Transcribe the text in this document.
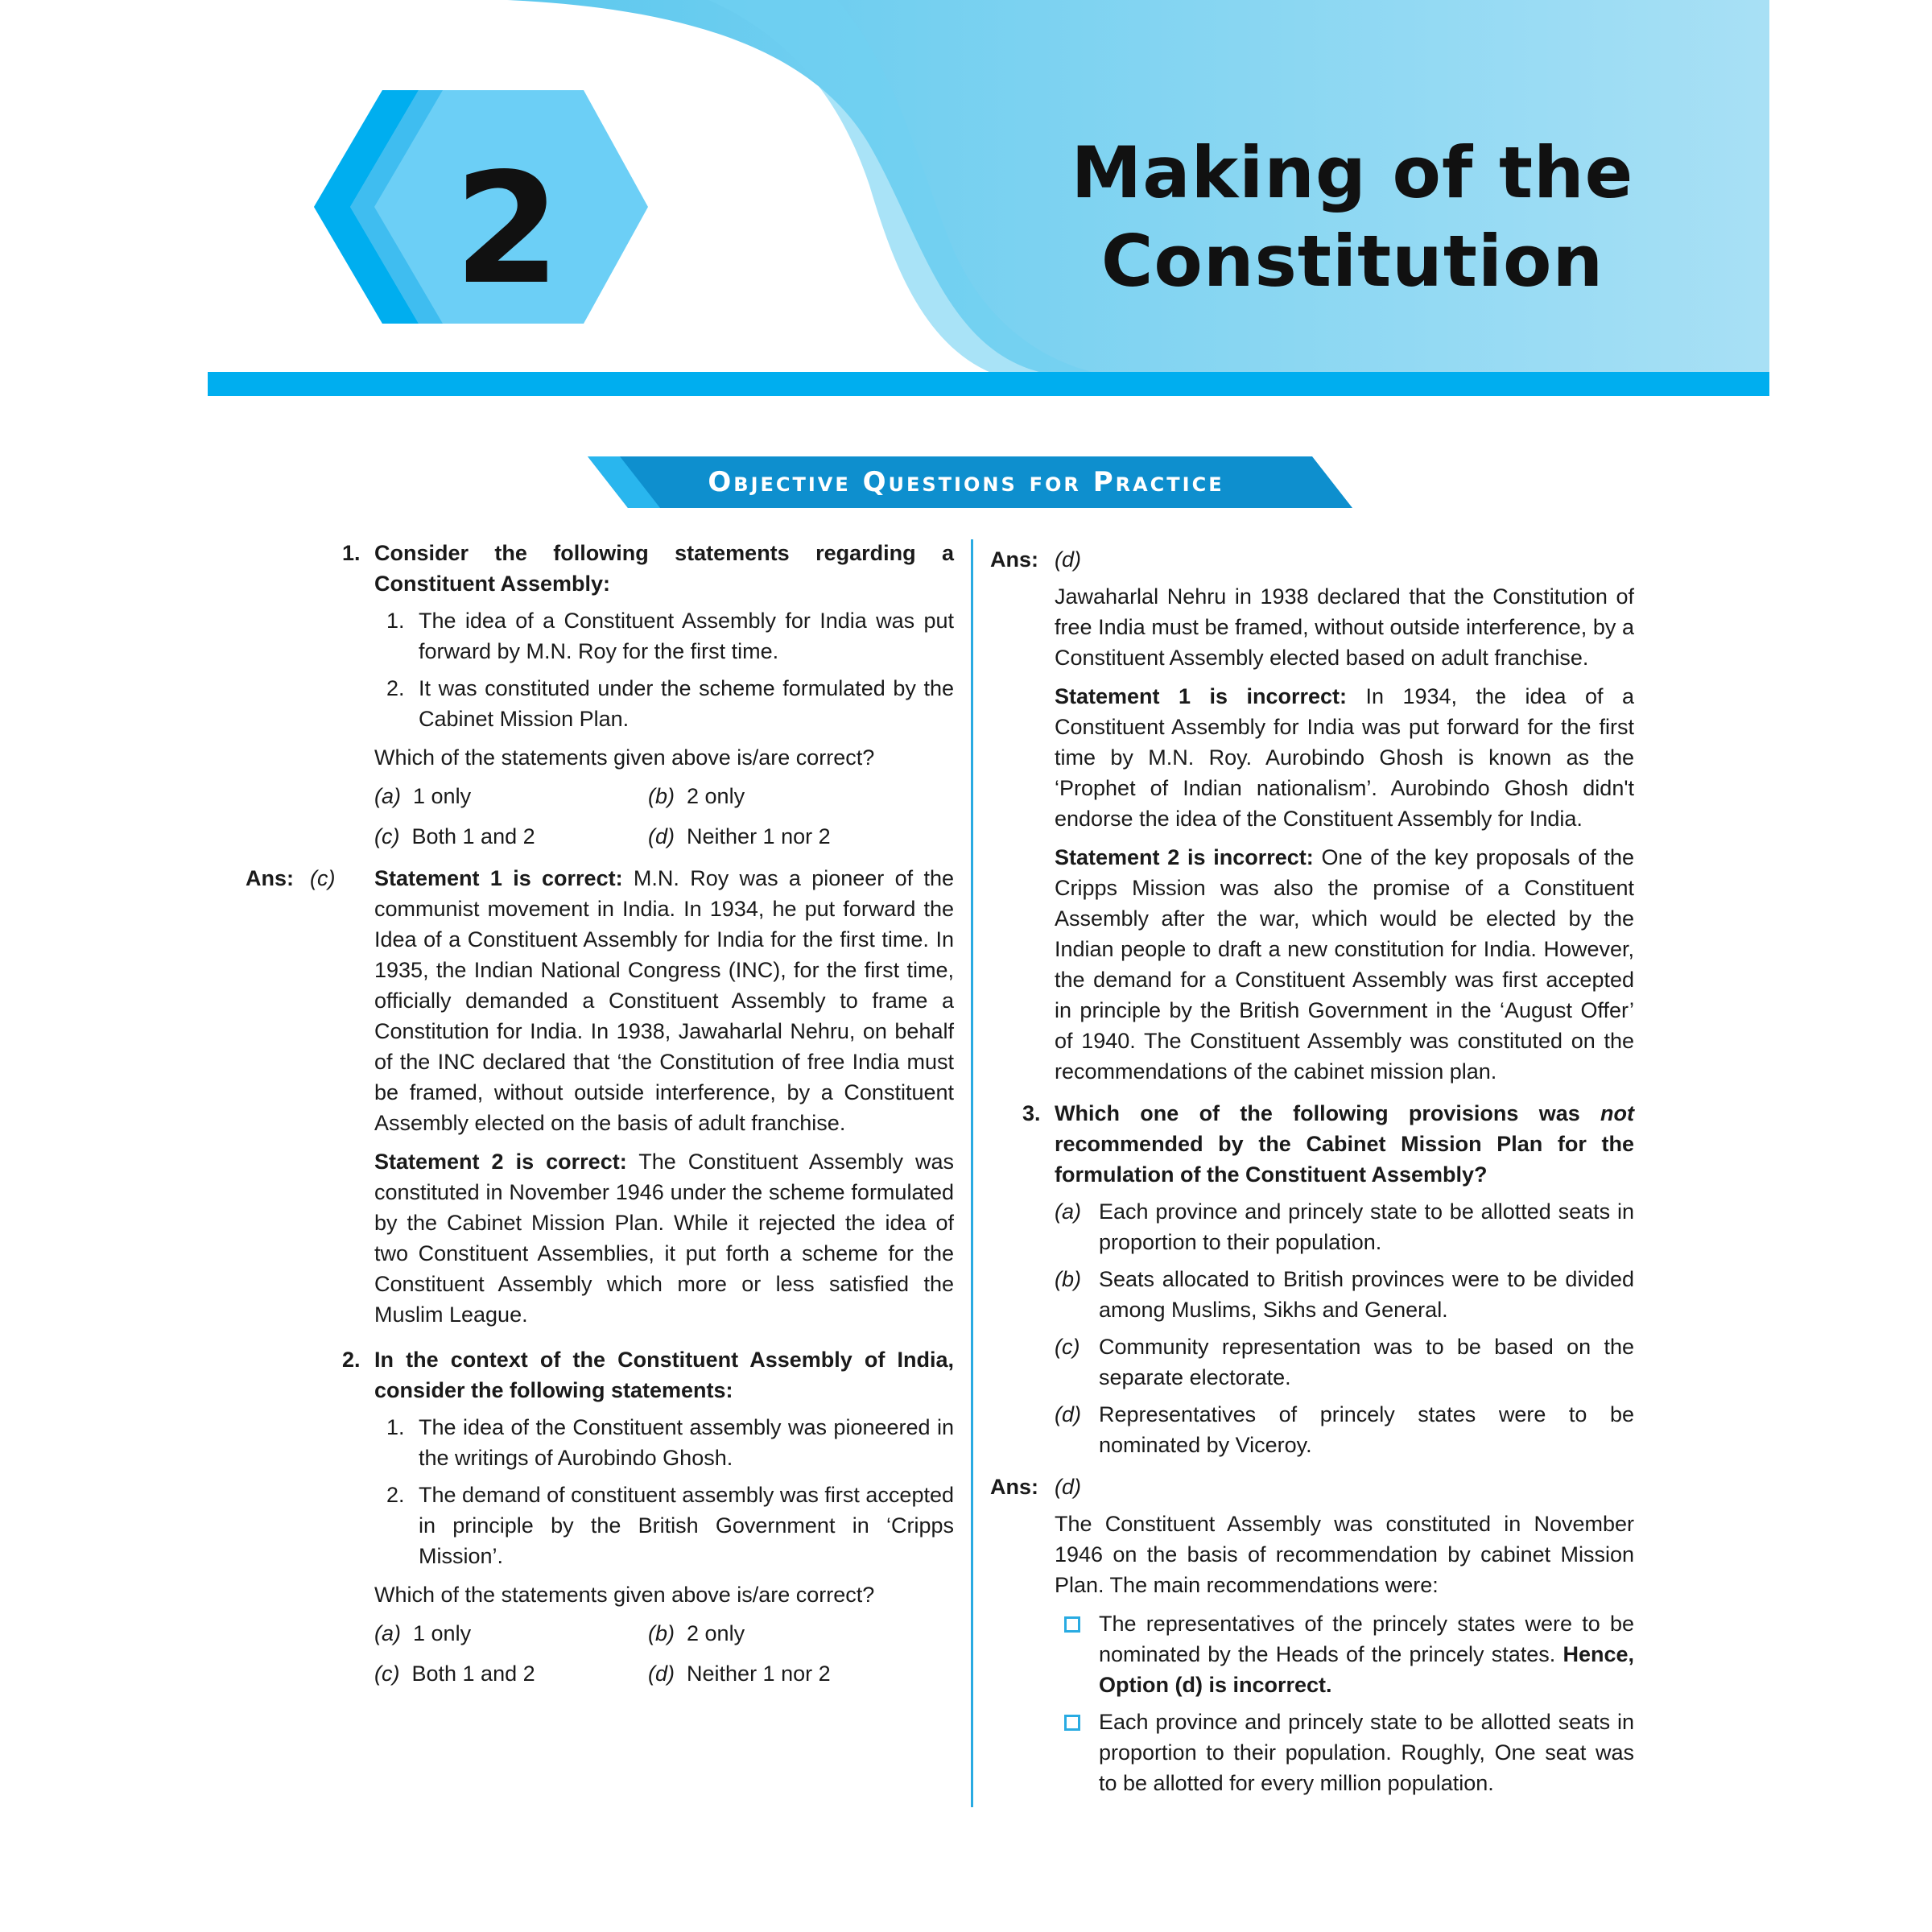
2	Making of the
Constitution
Objective Questions for Practice
1. Consider the following statements regarding a Constituent Assembly:
1. The idea of a Constituent Assembly for India was put forward by M.N. Roy for the first time.
2. It was constituted under the scheme formulated by the Cabinet Mission Plan.
Which of the statements given above is/are correct?
(a) 1 only	(b) 2 only
(c) Both 1 and 2	(d) Neither 1 nor 2
Ans: (c)	Statement 1 is correct: M.N. Roy was a pioneer of the communist movement in India. In 1934, he put forward the Idea of a Constituent Assembly for India for the first time. In 1935, the Indian National Congress (INC), for the first time, officially demanded a Constituent Assembly to frame a Constitution for India. In 1938, Jawaharlal Nehru, on behalf of the INC declared that ‘the Constitution of free India must be framed, without outside interference, by a Constituent Assembly elected on the basis of adult franchise.
Statement 2 is correct: The Constituent Assembly was constituted in November 1946 under the scheme formulated by the Cabinet Mission Plan. While it rejected the idea of two Constituent Assemblies, it put forth a scheme for the Constituent Assembly which more or less satisfied the Muslim League.
2. In the context of the Constituent Assembly of India, consider the following statements:
1. The idea of the Constituent assembly was pioneered in the writings of Aurobindo Ghosh.
2. The demand of constituent assembly was first accepted in principle by the British Government in ‘Cripps Mission’.
Which of the statements given above is/are correct?
(a) 1 only	(b) 2 only
(c) Both 1 and 2	(d) Neither 1 nor 2
Ans: (d)
Jawaharlal Nehru in 1938 declared that the Constitution of free India must be framed, without outside interference, by a Constituent Assembly elected based on adult franchise.
Statement 1 is incorrect: In 1934, the idea of a Constituent Assembly for India was put forward for the first time by M.N. Roy. Aurobindo Ghosh is known as the ‘Prophet of Indian nationalism’. Aurobindo Ghosh didn't endorse the idea of the Constituent Assembly for India.
Statement 2 is incorrect: One of the key proposals of the Cripps Mission was also the promise of a Constituent Assembly after the war, which would be elected by the Indian people to draft a new constitution for India. However, the demand for a Constituent Assembly was first accepted in principle by the British Government in the ‘August Offer’ of 1940. The Constituent Assembly was constituted on the recommendations of the cabinet mission plan.
3. Which one of the following provisions was not recommended by the Cabinet Mission Plan for the formulation of the Constituent Assembly?
(a) Each province and princely state to be allotted seats in proportion to their population.
(b) Seats allocated to British provinces were to be divided among Muslims, Sikhs and General.
(c) Community representation was to be based on the separate electorate.
(d) Representatives of princely states were to be nominated by Viceroy.
Ans: (d)
The Constituent Assembly was constituted in November 1946 on the basis of recommendation by cabinet Mission Plan. The main recommendations were:
The representatives of the princely states were to be nominated by the Heads of the princely states. Hence, Option (d) is incorrect.
Each province and princely state to be allotted seats in proportion to their population. Roughly, One seat was to be allotted for every million population.
